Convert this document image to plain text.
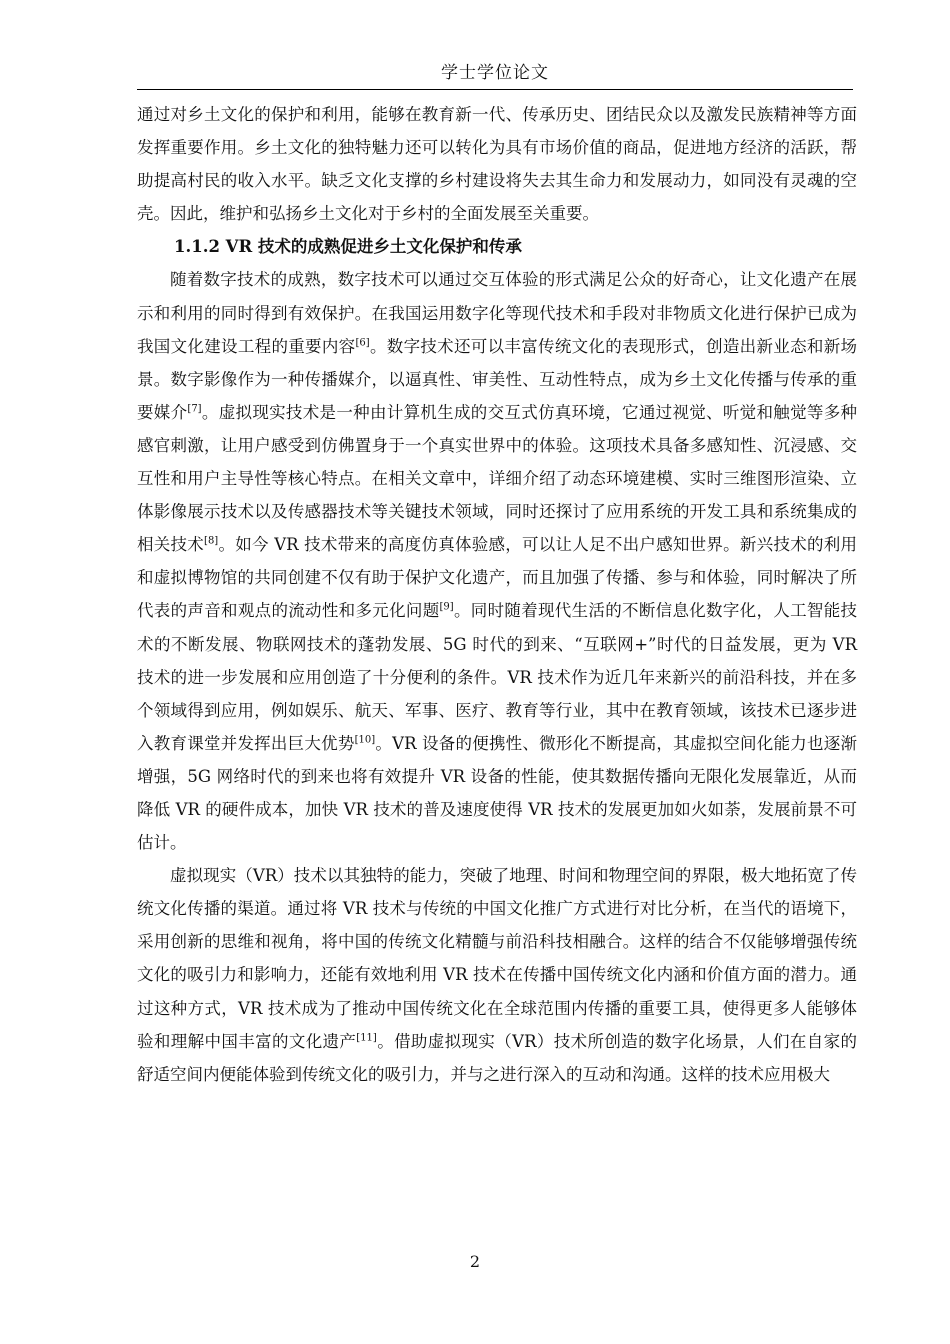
学士学位论文

通过对乡土文化的保护和利用，能够在教育新一代、传承历史、团结民众以及激发民族精神等方面发挥重要作用。乡土文化的独特魅力还可以转化为具有市场价值的商品，促进地方经济的活跃，帮助提高村民的收入水平。缺乏文化支撑的乡村建设将失去其生命力和发展动力，如同没有灵魂的空壳。因此，维护和弘扬乡土文化对于乡村的全面发展至关重要。

1.1.2 VR 技术的成熟促进乡土文化保护和传承

随着数字技术的成熟，数字技术可以通过交互体验的形式满足公众的好奇心，让文化遗产在展示和利用的同时得到有效保护。在我国运用数字化等现代技术和手段对非物质文化进行保护已成为我国文化建设工程的重要内容[6]。数字技术还可以丰富传统文化的表现形式，创造出新业态和新场景。数字影像作为一种传播媒介，以逼真性、审美性、互动性特点，成为乡土文化传播与传承的重要媒介[7]。虚拟现实技术是一种由计算机生成的交互式仿真环境，它通过视觉、听觉和触觉等多种感官刺激，让用户感受到仿佛置身于一个真实世界中的体验。这项技术具备多感知性、沉浸感、交互性和用户主导性等核心特点。在相关文章中，详细介绍了动态环境建模、实时三维图形渲染、立体影像展示技术以及传感器技术等关键技术领域，同时还探讨了应用系统的开发工具和系统集成的相关技术[8]。如今 VR 技术带来的高度仿真体验感，可以让人足不出户感知世界。新兴技术的利用和虚拟博物馆的共同创建不仅有助于保护文化遗产，而且加强了传播、参与和体验，同时解决了所代表的声音和观点的流动性和多元化问题[9]。同时随着现代生活的不断信息化数字化，人工智能技术的不断发展、物联网技术的蓬勃发展、5G 时代的到来、“互联网+”时代的日益发展，更为 VR 技术的进一步发展和应用创造了十分便利的条件。VR 技术作为近几年来新兴的前沿科技，并在多个领域得到应用，例如娱乐、航天、军事、医疗、教育等行业，其中在教育领域，该技术已逐步进入教育课堂并发挥出巨大优势[10]。VR 设备的便携性、微形化不断提高，其虚拟空间化能力也逐渐增强，5G 网络时代的到来也将有效提升 VR 设备的性能，使其数据传播向无限化发展靠近，从而降低 VR 的硬件成本，加快 VR 技术的普及速度使得 VR 技术的发展更加如火如荼，发展前景不可估计。

虚拟现实（VR）技术以其独特的能力，突破了地理、时间和物理空间的界限，极大地拓宽了传统文化传播的渠道。通过将 VR 技术与传统的中国文化推广方式进行对比分析，在当代的语境下，采用创新的思维和视角，将中国的传统文化精髓与前沿科技相融合。这样的结合不仅能够增强传统文化的吸引力和影响力，还能有效地利用 VR 技术在传播中国传统文化内涵和价值方面的潜力。通过这种方式，VR 技术成为了推动中国传统文化在全球范围内传播的重要工具，使得更多人能够体验和理解中国丰富的文化遗产[11]。借助虚拟现实（VR）技术所创造的数字化场景，人们在自家的舒适空间内便能体验到传统文化的吸引力，并与之进行深入的互动和沟通。这样的技术应用极大

2
